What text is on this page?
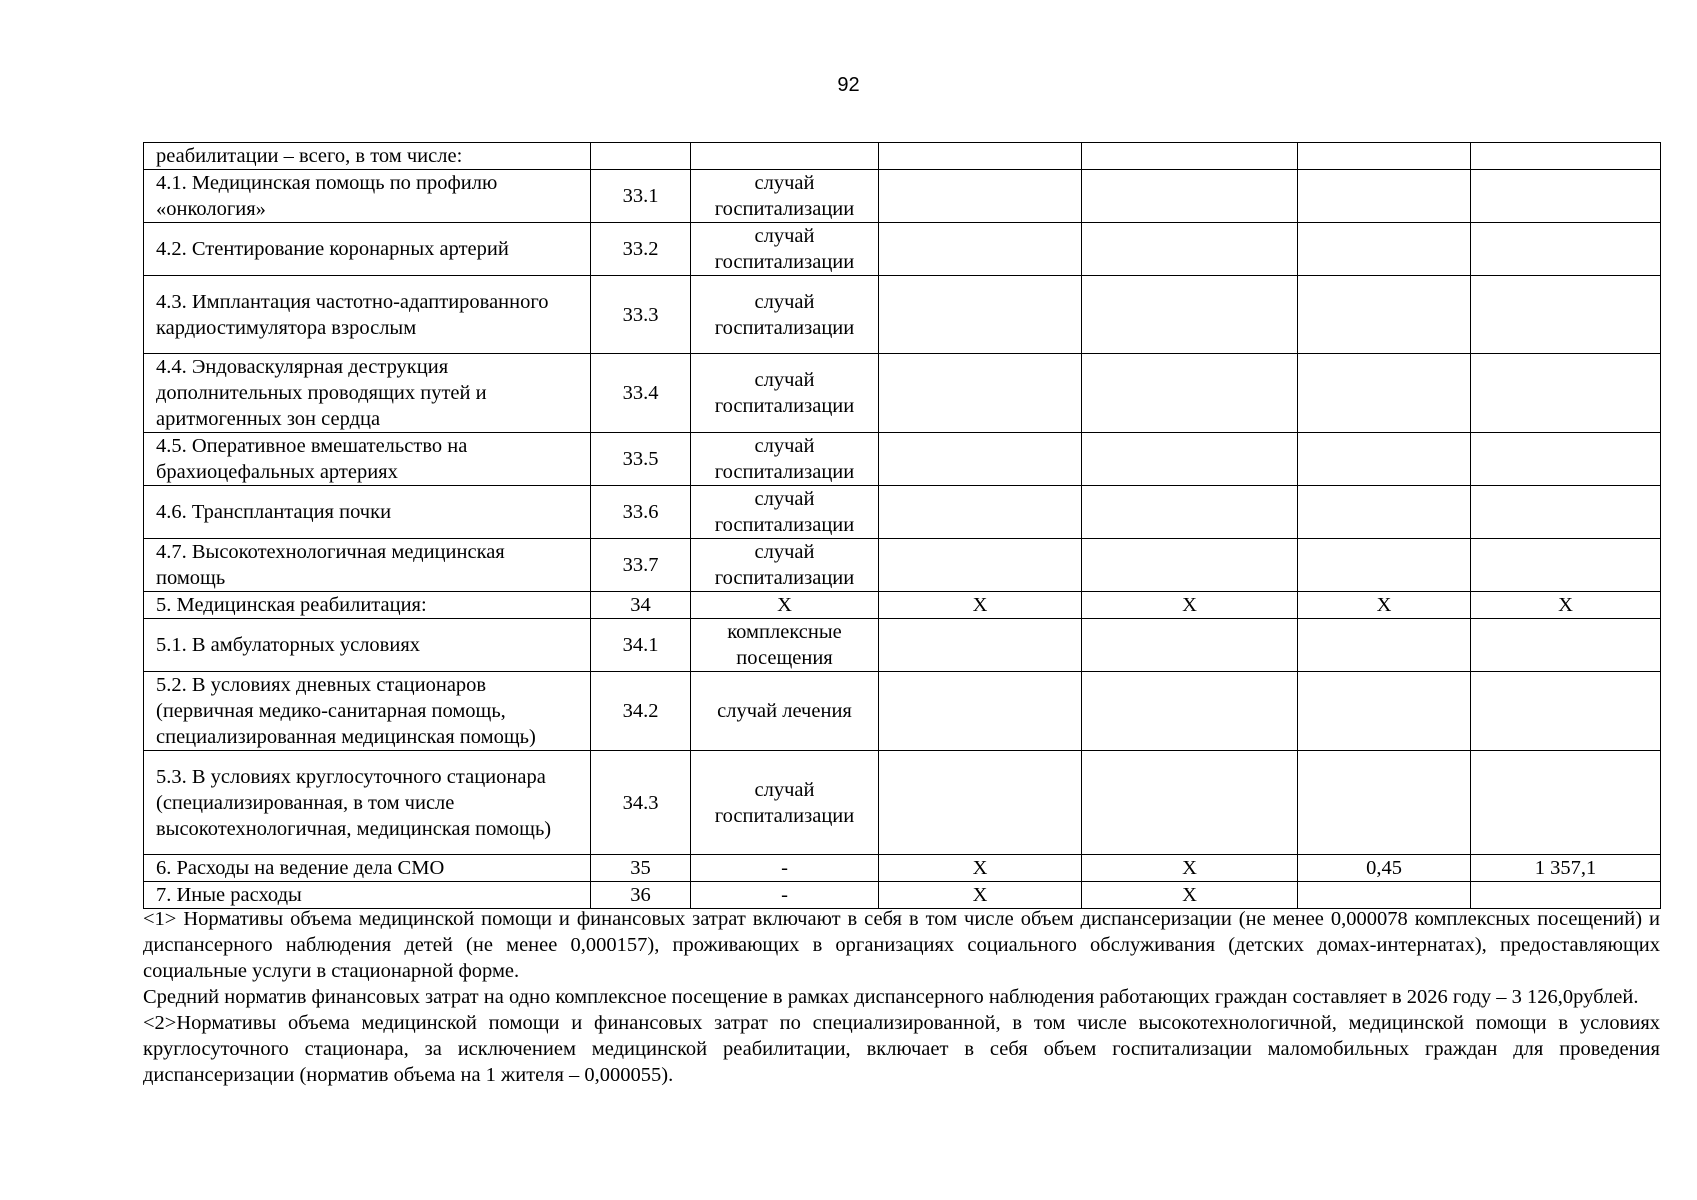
92
реабилитации – всего, в том числе:						
4.1. Медицинская помощь по профилю «онкология»	33.1	случай госпитализации				
4.2. Стентирование коронарных артерий	33.2	случай госпитализации				
4.3. Имплантация частотно-адаптированного кардиостимулятора взрослым	33.3	случай госпитализации				
4.4. Эндоваскулярная деструкция дополнительных проводящих путей и аритмогенных зон сердца	33.4	случай госпитализации				
4.5. Оперативное вмешательство на брахиоцефальных артериях	33.5	случай госпитализации				
4.6. Трансплантация почки	33.6	случай госпитализации				
4.7. Высокотехнологичная медицинская помощь	33.7	случай госпитализации				
5. Медицинская реабилитация:	34	Х	Х	Х	Х	Х
5.1. В амбулаторных условиях	34.1	комплексные посещения				
5.2. В условиях дневных стационаров (первичная медико-санитарная помощь, специализированная медицинская помощь)	34.2	случай лечения				
5.3. В условиях круглосуточного стационара (специализированная, в том числе высокотехнологичная, медицинская помощь)	34.3	случай госпитализации				
6. Расходы на ведение дела СМО	35	-	Х	Х	0,45	1 357,1
7. Иные расходы	36	-	Х	Х		

<1> Нормативы объема медицинской помощи и финансовых затрат включают в себя в том числе объем диспансеризации (не менее 0,000078 комплексных посещений) и диспансерного наблюдения детей (не менее 0,000157), проживающих в организациях социального обслуживания (детских домах-интернатах), предоставляющих социальные услуги в стационарной форме.

Средний норматив финансовых затрат на одно комплексное посещение в рамках диспансерного наблюдения работающих граждан составляет в 2026 году – 3 126,0рублей.

<2>Нормативы объема медицинской помощи и финансовых затрат по специализированной, в том числе высокотехнологичной, медицинской помощи в условиях круглосуточного стационара, за исключением медицинской реабилитации, включает в себя объем госпитализации маломобильных граждан для проведения диспансеризации (норматив объема на 1 жителя – 0,000055).
